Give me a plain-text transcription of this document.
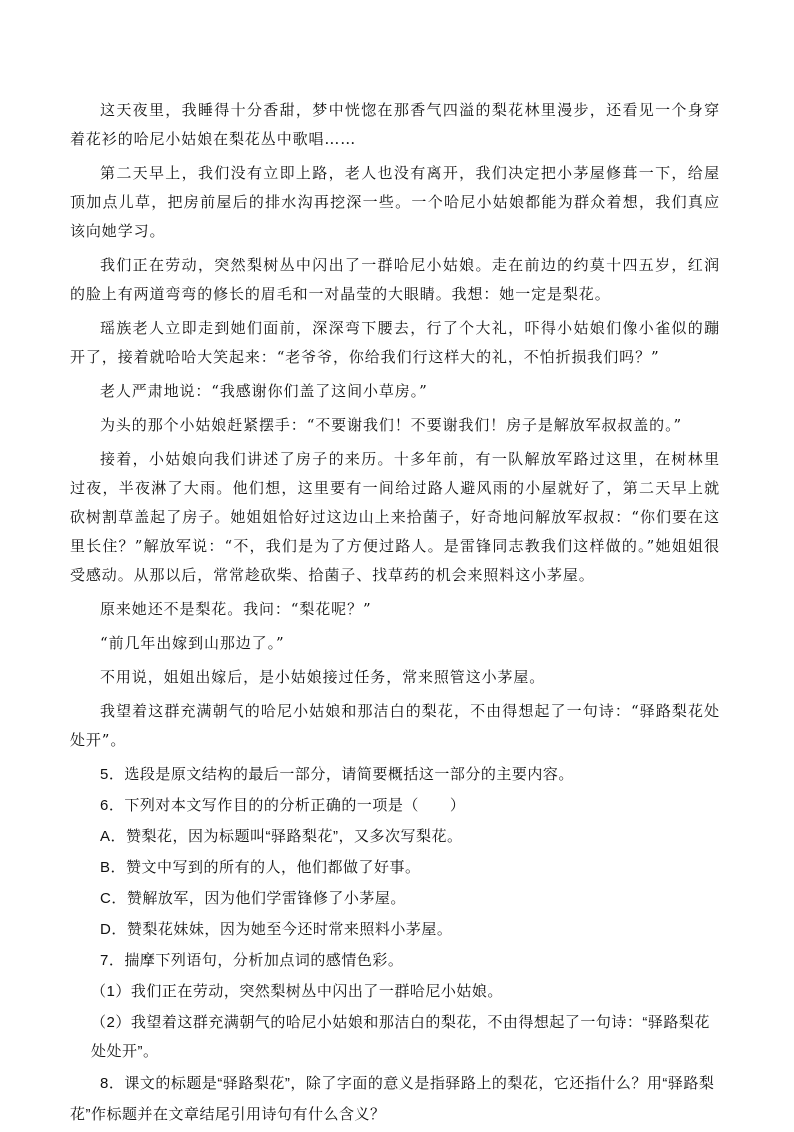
这天夜里，我睡得十分香甜，梦中恍惚在那香气四溢的梨花林里漫步，还看见一个身穿着花衫的哈尼小姑娘在梨花丛中歌唱……

第二天早上，我们没有立即上路，老人也没有离开，我们决定把小茅屋修葺一下，给屋顶加点儿草，把房前屋后的排水沟再挖深一些。一个哈尼小姑娘都能为群众着想，我们真应该向她学习。

我们正在劳动，突然梨树丛中闪出了一群哈尼小姑娘。走在前边的约莫十四五岁，红润的脸上有两道弯弯的修长的眉毛和一对晶莹的大眼睛。我想：她一定是梨花。

瑶族老人立即走到她们面前，深深弯下腰去，行了个大礼，吓得小姑娘们像小雀似的蹦开了，接着就哈哈大笑起来：“老爷爷，你给我们行这样大的礼，不怕折损我们吗？”

老人严肃地说：“我感谢你们盖了这间小草房。”

为头的那个小姑娘赶紧摆手：“不要谢我们！不要谢我们！房子是解放军叔叔盖的。”

接着，小姑娘向我们讲述了房子的来历。十多年前，有一队解放军路过这里，在树林里过夜，半夜淋了大雨。他们想，这里要有一间给过路人避风雨的小屋就好了，第二天早上就砍树割草盖起了房子。她姐姐恰好过这边山上来拾菌子，好奇地问解放军叔叔：“你们要在这里长住？”解放军说：“不，我们是为了方便过路人。是雷锋同志教我们这样做的。”她姐姐很受感动。从那以后，常常趁砍柴、拾菌子、找草药的机会来照料这小茅屋。

原来她还不是梨花。我问：“梨花呢？”

“前几年出嫁到山那边了。”

不用说，姐姐出嫁后，是小姑娘接过任务，常来照管这小茅屋。

我望着这群充满朝气的哈尼小姑娘和那洁白的梨花，不由得想起了一句诗：“驿路梨花处处开”。

5．选段是原文结构的最后一部分，请简要概括这一部分的主要内容。

6．下列对本文写作目的的分析正确的一项是（　　）

A．赞梨花，因为标题叫“驿路梨花”，又多次写梨花。

B．赞文中写到的所有的人，他们都做了好事。

C．赞解放军，因为他们学雷锋修了小茅屋。

D．赞梨花妹妹，因为她至今还时常来照料小茅屋。

7．揣摩下列语句，分析加点词的感情色彩。

（1）我们正在劳动，突然梨树丛中闪出了一群哈尼小姑娘。

（2）我望着这群充满朝气的哈尼小姑娘和那洁白的梨花，不由得想起了一句诗：“驿路梨花处处开”。

8．课文的标题是“驿路梨花”，除了字面的意义是指驿路上的梨花，它还指什么？用“驿路梨花”作标题并在文章结尾引用诗句有什么含义？
